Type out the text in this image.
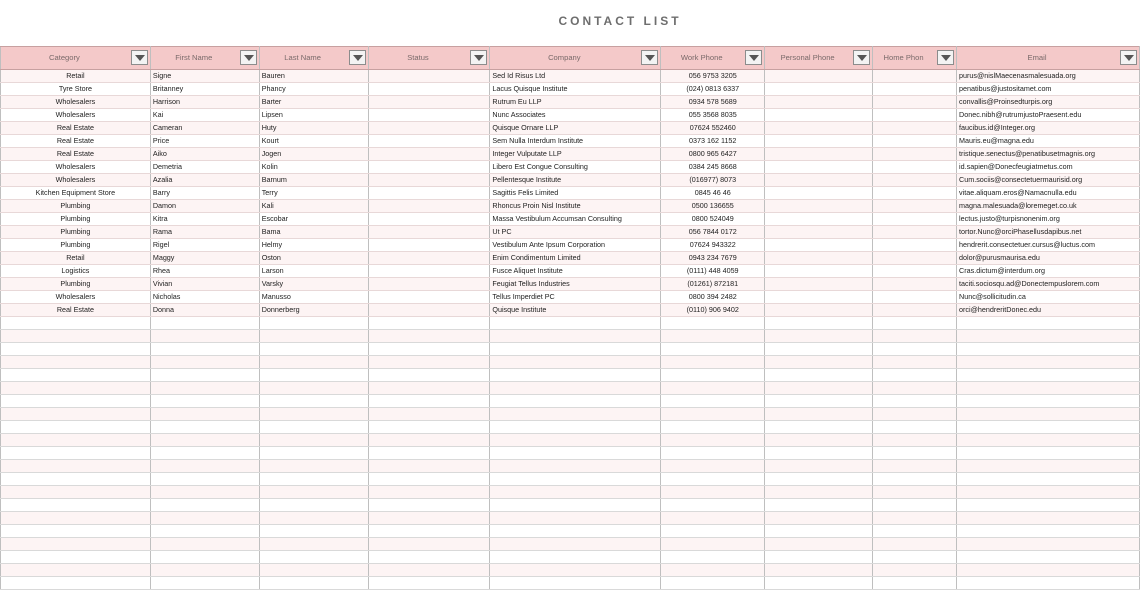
CONTACT LIST
Category	First Name	Last Name	Status	Company	Work Phone	Personal Phone	Home Phon	Email

Retail	Signe	Bauren		Sed Id Risus Ltd	056 9753 3205			purus@nislMaecenasmalesuada.org
Tyre Store	Britanney	Phancy		Lacus Quisque Institute	(024) 0813 6337			penatibus@justositamet.com
Wholesalers	Harrison	Barter		Rutrum Eu LLP	0934 578 5689			convallis@Proinsedturpis.org
Wholesalers	Kai	Lipsen		Nunc Associates	055 3568 8035			Donec.nibh@rutrumjustoPraesent.edu
Real Estate	Cameran	Huty		Quisque Ornare LLP	07624 552460			faucibus.id@Integer.org
Real Estate	Price	Kourt		Sem Nulla Interdum Institute	0373 162 1152			Mauris.eu@magna.edu
Real Estate	Aiko	Jogen		Integer Vulputate LLP	0800 965 6427			tristique.senectus@penatibusetmagnis.org
Wholesalers	Demetria	Kolin		Libero Est Congue Consulting	0384 245 8668			id.sapien@Donecfeugiatmetus.com
Wholesalers	Azalia	Barnum		Pellentesque Institute	(016977) 8073			Cum.sociis@consectetuermaurisid.org
Kitchen Equipment Store	Barry	Terry		Sagittis Felis Limited	0845 46 46			vitae.aliquam.eros@Namacnulla.edu
Plumbing	Damon	Kali		Rhoncus Proin Nisl Institute	0500 136655			magna.malesuada@loremeget.co.uk
Plumbing	Kitra	Escobar		Massa Vestibulum Accumsan Consulting	0800 524049			lectus.justo@turpisnonenim.org
Plumbing	Rama	Bama		Ut PC	056 7844 0172			tortor.Nunc@orciPhasellusdapibus.net
Plumbing	Rigel	Helmy		Vestibulum Ante Ipsum Corporation	07624 943322			hendrerit.consectetuer.cursus@luctus.com
Retail	Maggy	Oston		Enim Condimentum Limited	0943 234 7679			dolor@purusmaurisa.edu
Logistics	Rhea	Larson		Fusce Aliquet Institute	(0111) 448 4059			Cras.dictum@interdum.org
Plumbing	Vivian	Varsky		Feugiat Tellus Industries	(01261) 872181			taciti.sociosqu.ad@Donectempuslorem.com
Wholesalers	Nicholas	Manusso		Tellus Imperdiet PC	0800 394 2482			Nunc@sollicitudin.ca
Real Estate	Donna	Donnerberg		Quisque Institute	(0110) 906 9402			orci@hendreritDonec.edu
